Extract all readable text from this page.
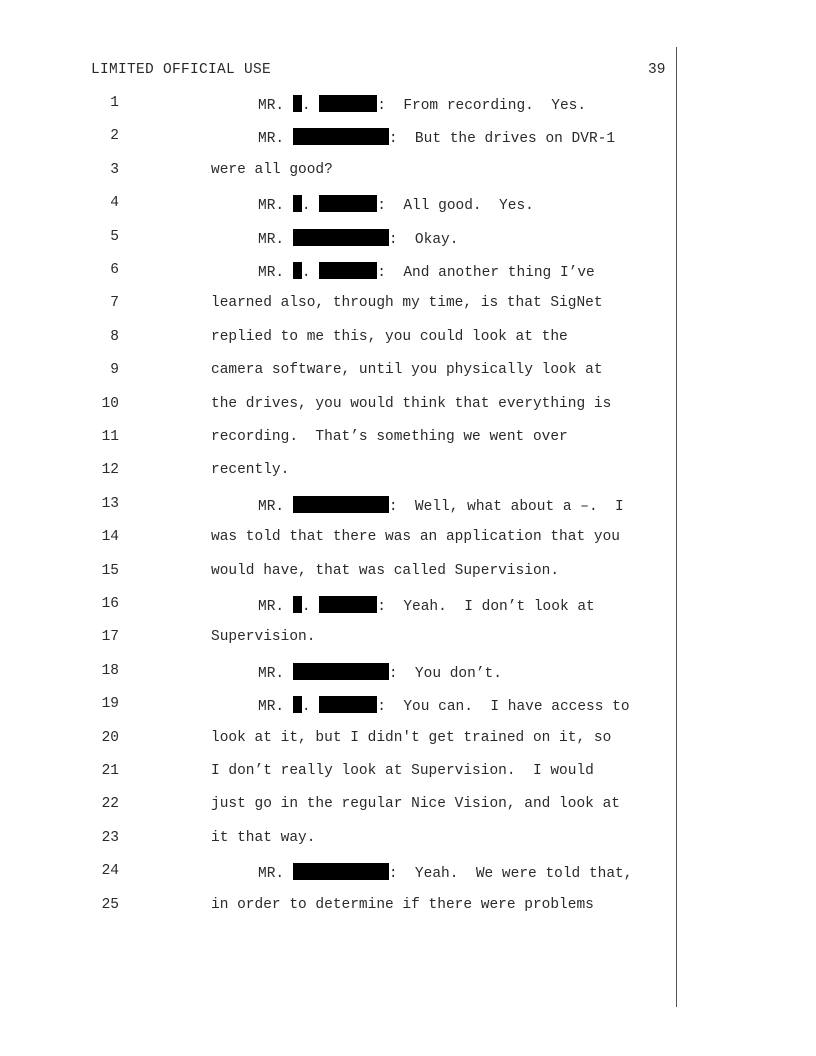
LIMITED OFFICIAL USE	39
1	MR. .	:  From recording.  Yes.
2	MR.	:  But the drives on DVR-1
3	were all good?
4	MR. .	:  All good.  Yes.
5	MR.	:  Okay.
6	MR. .	:  And another thing I’ve
7	learned also, through my time, is that SigNet
8	replied to me this, you could look at the
9	camera software, until you physically look at
10	the drives, you would think that everything is
11	recording.  That’s something we went over
12	recently.
13	MR.	:  Well, what about a –.  I
14	was told that there was an application that you
15	would have, that was called Supervision.
16	MR. .	:  Yeah.  I don’t look at
17	Supervision.
18	MR.	:  You don’t.
19	MR. .	:  You can.  I have access to
20	look at it, but I didn't get trained on it, so
21	I don’t really look at Supervision.  I would
22	just go in the regular Nice Vision, and look at
23	it that way.
24	MR.	:  Yeah.  We were told that,
25	in order to determine if there were problems
